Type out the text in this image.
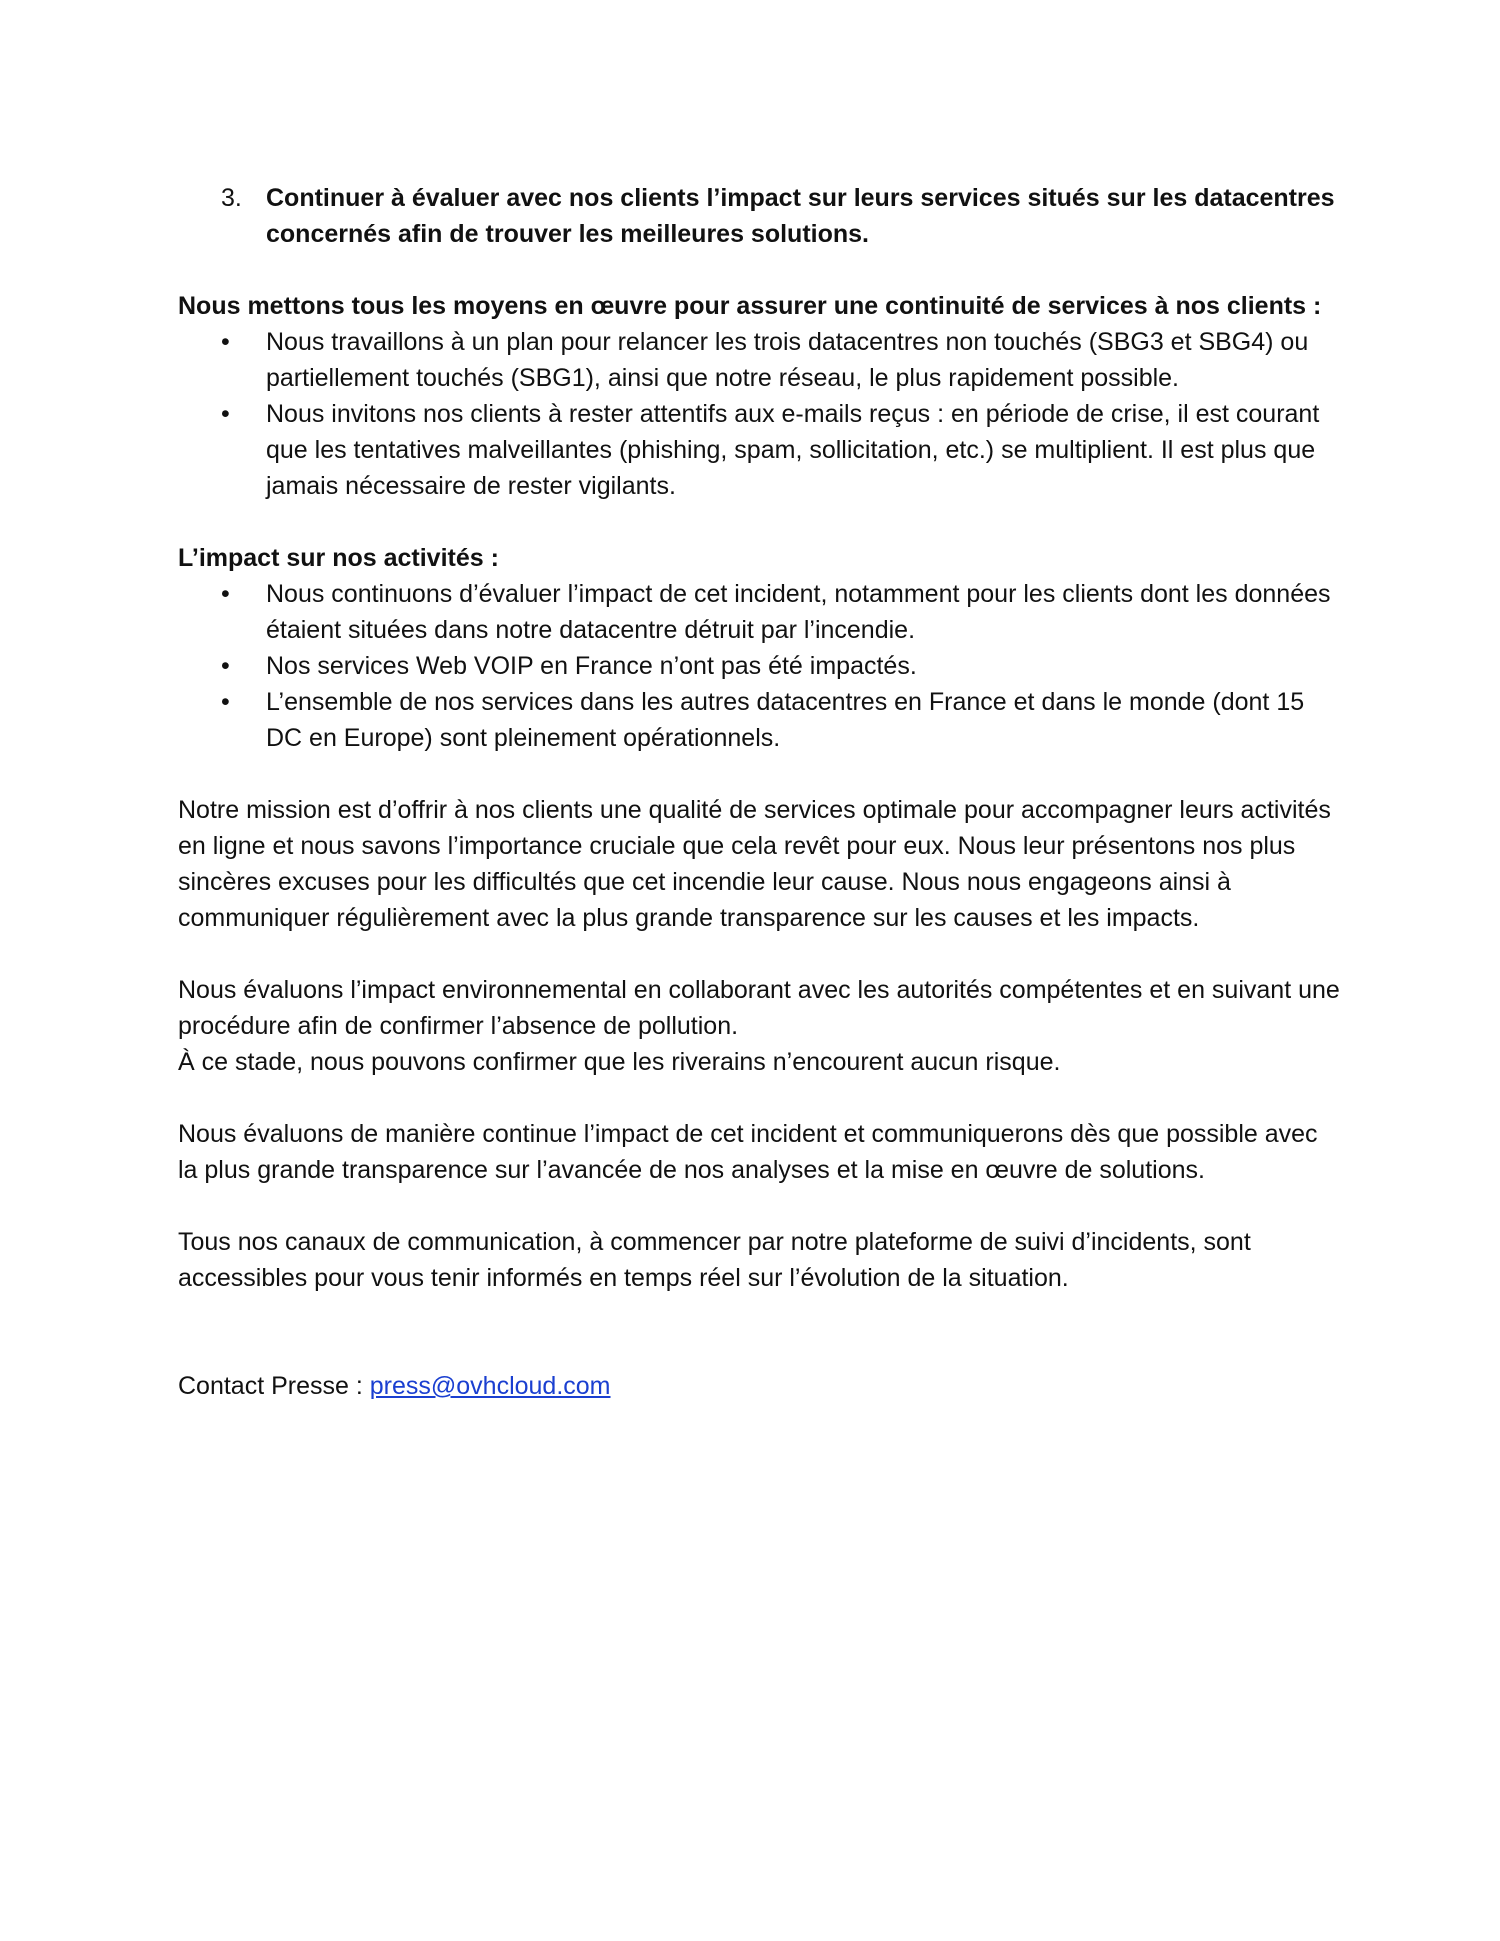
3. Continuer à évaluer avec nos clients l’impact sur leurs services situés sur les datacentres concernés afin de trouver les meilleures solutions.

Nous mettons tous les moyens en œuvre pour assurer une continuité de services à nos clients :

• Nous travaillons à un plan pour relancer les trois datacentres non touchés (SBG3 et SBG4) ou partiellement touchés (SBG1), ainsi que notre réseau, le plus rapidement possible.
• Nous invitons nos clients à rester attentifs aux e-mails reçus : en période de crise, il est courant que les tentatives malveillantes (phishing, spam, sollicitation, etc.) se multiplient. Il est plus que jamais nécessaire de rester vigilants.

L’impact sur nos activités :

• Nous continuons d’évaluer l’impact de cet incident, notamment pour les clients dont les données étaient situées dans notre datacentre détruit par l’incendie.
• Nos services Web VOIP en France n’ont pas été impactés.
• L’ensemble de nos services dans les autres datacentres en France et dans le monde (dont 15 DC en Europe) sont pleinement opérationnels.

Notre mission est d’offrir à nos clients une qualité de services optimale pour accompagner leurs activités en ligne et nous savons l’importance cruciale que cela revêt pour eux. Nous leur présentons nos plus sincères excuses pour les difficultés que cet incendie leur cause. Nous nous engageons ainsi à communiquer régulièrement avec la plus grande transparence sur les causes et les impacts.

Nous évaluons l’impact environnemental en collaborant avec les autorités compétentes et en suivant une procédure afin de confirmer l’absence de pollution.

À ce stade, nous pouvons confirmer que les riverains n’encourent aucun risque.

Nous évaluons de manière continue l’impact de cet incident et communiquerons dès que possible avec la plus grande transparence sur l’avancée de nos analyses et la mise en œuvre de solutions.

Tous nos canaux de communication, à commencer par notre plateforme de suivi d’incidents, sont accessibles pour vous tenir informés en temps réel sur l’évolution de la situation.

Contact Presse : press@ovhcloud.com
